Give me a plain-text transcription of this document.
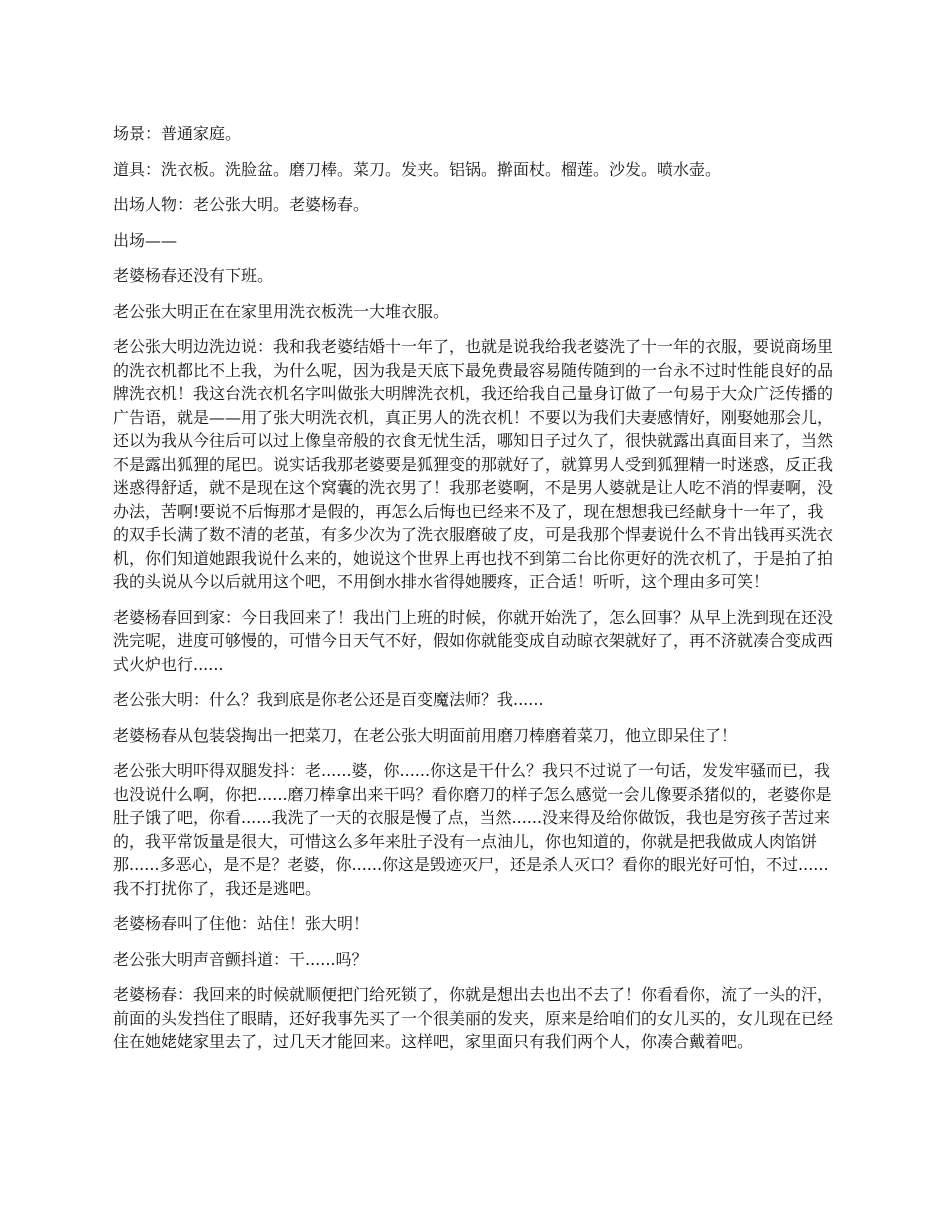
场景：普通家庭。

道具：洗衣板。洗脸盆。磨刀棒。菜刀。发夹。铝锅。擀面杖。榴莲。沙发。喷水壶。

出场人物：老公张大明。老婆杨春。

出场——

老婆杨春还没有下班。

老公张大明正在在家里用洗衣板洗一大堆衣服。

老公张大明边洗边说：我和我老婆结婚十一年了，也就是说我给我老婆洗了十一年的衣服，要说商场里的洗衣机都比不上我，为什么呢，因为我是天底下最免费最容易随传随到的一台永不过时性能良好的品牌洗衣机！我这台洗衣机名字叫做张大明牌洗衣机，我还给我自己量身订做了一句易于大众广泛传播的广告语，就是——用了张大明洗衣机，真正男人的洗衣机！不要以为我们夫妻感情好，刚娶她那会儿，还以为我从今往后可以过上像皇帝般的衣食无忧生活，哪知日子过久了，很快就露出真面目来了，当然不是露出狐狸的尾巴。说实话我那老婆要是狐狸变的那就好了，就算男人受到狐狸精一时迷惑，反正我迷惑得舒适，就不是现在这个窝囊的洗衣男了！我那老婆啊，不是男人婆就是让人吃不消的悍妻啊，没办法，苦啊!要说不后悔那才是假的，再怎么后悔也已经来不及了，现在想想我已经献身十一年了，我的双手长满了数不清的老茧，有多少次为了洗衣服磨破了皮，可是我那个悍妻说什么不肯出钱再买洗衣机，你们知道她跟我说什么来的，她说这个世界上再也找不到第二台比你更好的洗衣机了，于是拍了拍我的头说从今以后就用这个吧，不用倒水排水省得她腰疼，正合适！听听，这个理由多可笑！

老婆杨春回到家：今日我回来了！我出门上班的时候，你就开始洗了，怎么回事？从早上洗到现在还没洗完呢，进度可够慢的，可惜今日天气不好，假如你就能变成自动晾衣架就好了，再不济就凑合变成西式火炉也行......

老公张大明：什么？我到底是你老公还是百变魔法师？我......

老婆杨春从包装袋掏出一把菜刀，在老公张大明面前用磨刀棒磨着菜刀，他立即呆住了！

老公张大明吓得双腿发抖：老......婆，你......你这是干什么？我只不过说了一句话，发发牢骚而已，我也没说什么啊，你把......磨刀棒拿出来干吗？看你磨刀的样子怎么感觉一会儿像要杀猪似的，老婆你是肚子饿了吧，你看......我洗了一天的衣服是慢了点，当然......没来得及给你做饭，我也是穷孩子苦过来的，我平常饭量是很大，可惜这么多年来肚子没有一点油儿，你也知道的，你就是把我做成人肉馅饼那......多恶心，是不是？老婆，你......你这是毁迹灭尸，还是杀人灭口？看你的眼光好可怕，不过......我不打扰你了，我还是逃吧。

老婆杨春叫了住他：站住！张大明！

老公张大明声音颤抖道：干......吗？

老婆杨春：我回来的时候就顺便把门给死锁了，你就是想出去也出不去了！你看看你，流了一头的汗，前面的头发挡住了眼睛，还好我事先买了一个很美丽的发夹，原来是给咱们的女儿买的，女儿现在已经住在她姥姥家里去了，过几天才能回来。这样吧，家里面只有我们两个人，你凑合戴着吧。
